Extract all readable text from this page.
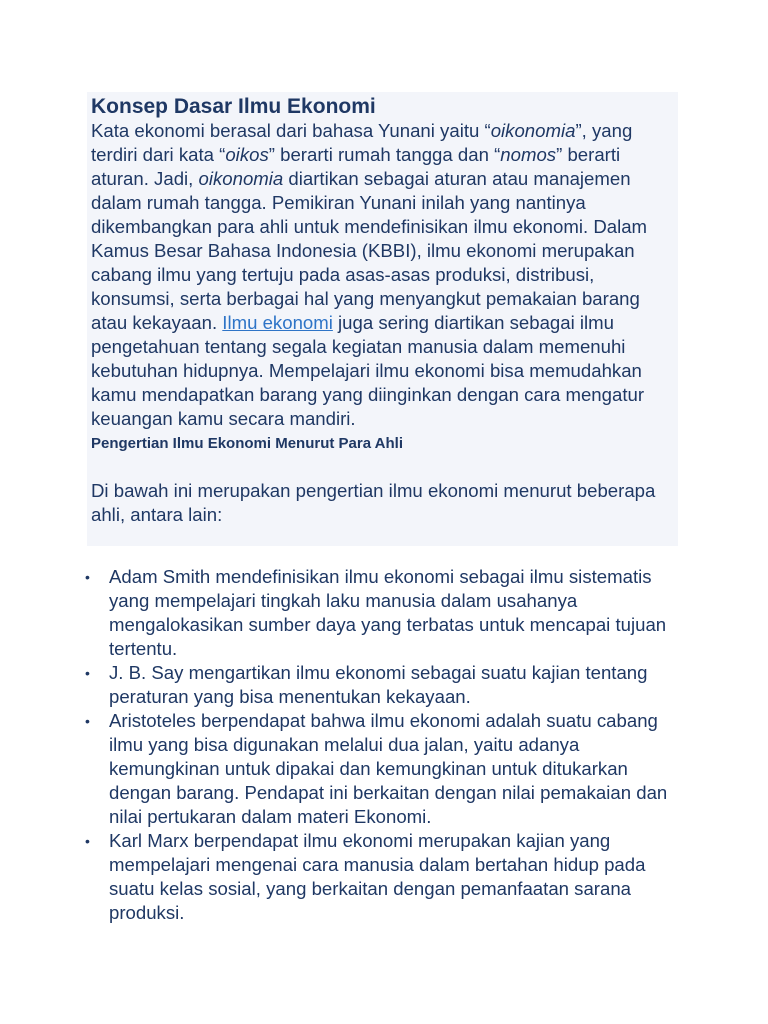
Konsep Dasar Ilmu Ekonomi

Kata ekonomi berasal dari bahasa Yunani yaitu “oikonomia”, yang terdiri dari kata “oikos” berarti rumah tangga dan “nomos” berarti aturan. Jadi, oikonomia diartikan sebagai aturan atau manajemen dalam rumah tangga. Pemikiran Yunani inilah yang nantinya dikembangkan para ahli untuk mendefinisikan ilmu ekonomi. Dalam Kamus Besar Bahasa Indonesia (KBBI), ilmu ekonomi merupakan cabang ilmu yang tertuju pada asas-asas produksi, distribusi, konsumsi, serta berbagai hal yang menyangkut pemakaian barang atau kekayaan. Ilmu ekonomi juga sering diartikan sebagai ilmu pengetahuan tentang segala kegiatan manusia dalam memenuhi kebutuhan hidupnya. Mempelajari ilmu ekonomi bisa memudahkan kamu mendapatkan barang yang diinginkan dengan cara mengatur keuangan kamu secara mandiri.

Pengertian Ilmu Ekonomi Menurut Para Ahli

Di bawah ini merupakan pengertian ilmu ekonomi menurut beberapa ahli, antara lain:

• Adam Smith mendefinisikan ilmu ekonomi sebagai ilmu sistematis yang mempelajari tingkah laku manusia dalam usahanya mengalokasikan sumber daya yang terbatas untuk mencapai tujuan tertentu.
• J. B. Say mengartikan ilmu ekonomi sebagai suatu kajian tentang peraturan yang bisa menentukan kekayaan.
• Aristoteles berpendapat bahwa ilmu ekonomi adalah suatu cabang ilmu yang bisa digunakan melalui dua jalan, yaitu adanya kemungkinan untuk dipakai dan kemungkinan untuk ditukarkan dengan barang. Pendapat ini berkaitan dengan nilai pemakaian dan nilai pertukaran dalam materi Ekonomi.
• Karl Marx berpendapat ilmu ekonomi merupakan kajian yang mempelajari mengenai cara manusia dalam bertahan hidup pada suatu kelas sosial, yang berkaitan dengan pemanfaatan sarana produksi.
